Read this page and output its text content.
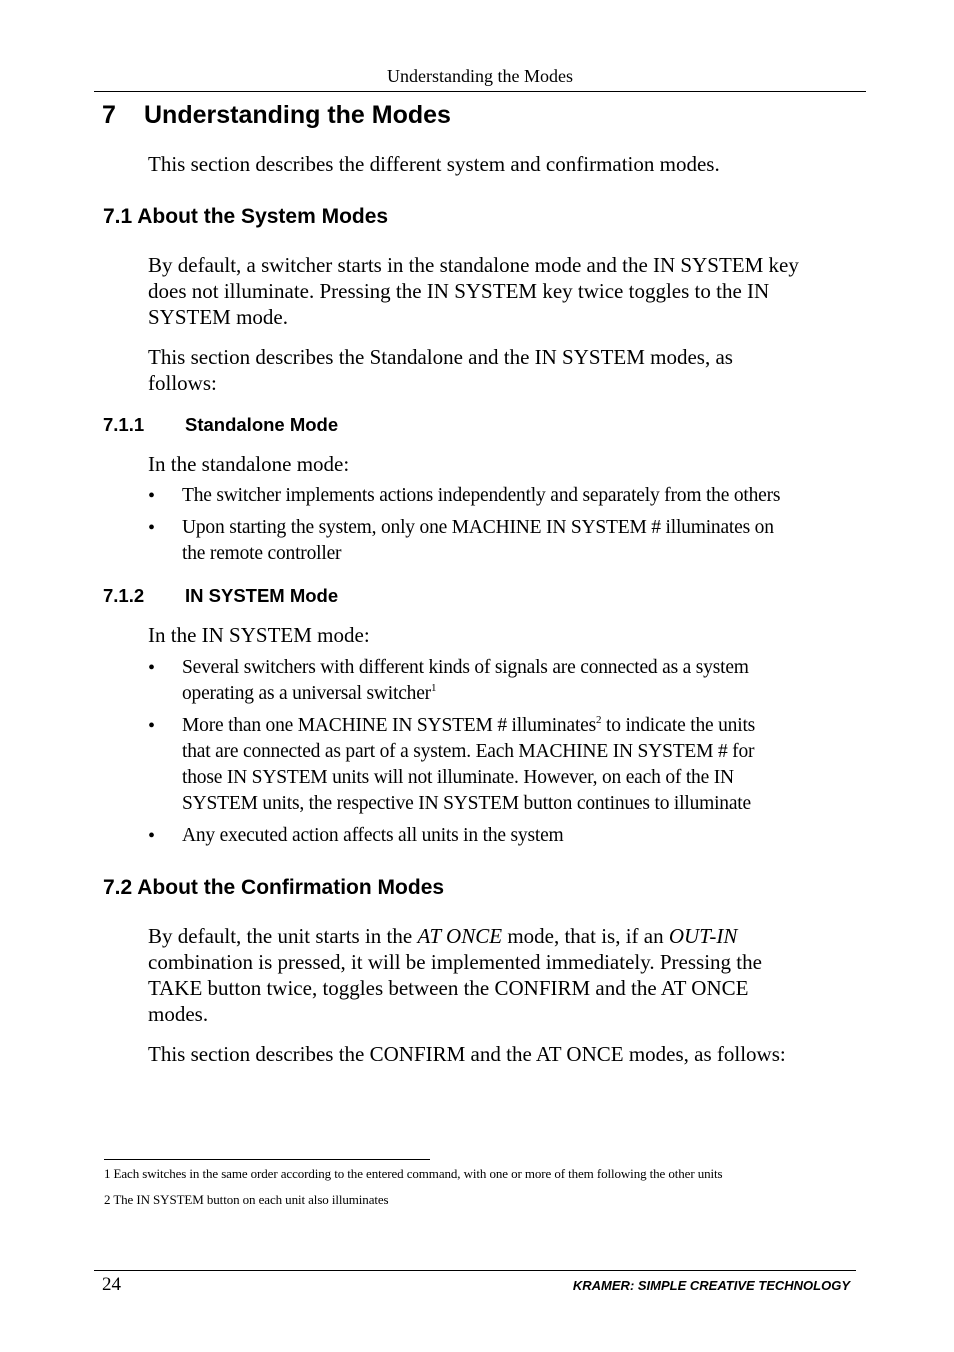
Understanding the Modes
7 Understanding the Modes
This section describes the different system and confirmation modes.
7.1 About the System Modes
By default, a switcher starts in the standalone mode and the IN SYSTEM key
does not illuminate. Pressing the IN SYSTEM key twice toggles to the IN
SYSTEM mode.
This section describes the Standalone and the IN SYSTEM modes, as
follows:
7.1.1 Standalone Mode
In the standalone mode:
• The switcher implements actions independently and separately from the others
• Upon starting the system, only one MACHINE IN SYSTEM # illuminates on
the remote controller
7.1.2 IN SYSTEM Mode
In the IN SYSTEM mode:
• Several switchers with different kinds of signals are connected as a system
operating as a universal switcher$^1$
• More than one MACHINE IN SYSTEM # illuminates$^2$ to indicate the units
that are connected as part of a system. Each MACHINE IN SYSTEM # for
those IN SYSTEM units will not illuminate. However, on each of the IN
SYSTEM units, the respective IN SYSTEM button continues to illuminate
• Any executed action affects all units in the system
7.2 About the Confirmation Modes
By default, the unit starts in the AT ONCE mode, that is, if an OUT-IN
combination is pressed, it will be implemented immediately. Pressing the
TAKE button twice, toggles between the CONFIRM and the AT ONCE
modes.
This section describes the CONFIRM and the AT ONCE modes, as follows:
1 Each switches in the same order according to the entered command, with one or more of them following the other units
2 The IN SYSTEM button on each unit also illuminates
24	KRAMER: SIMPLE CREATIVE TECHNOLOGY
